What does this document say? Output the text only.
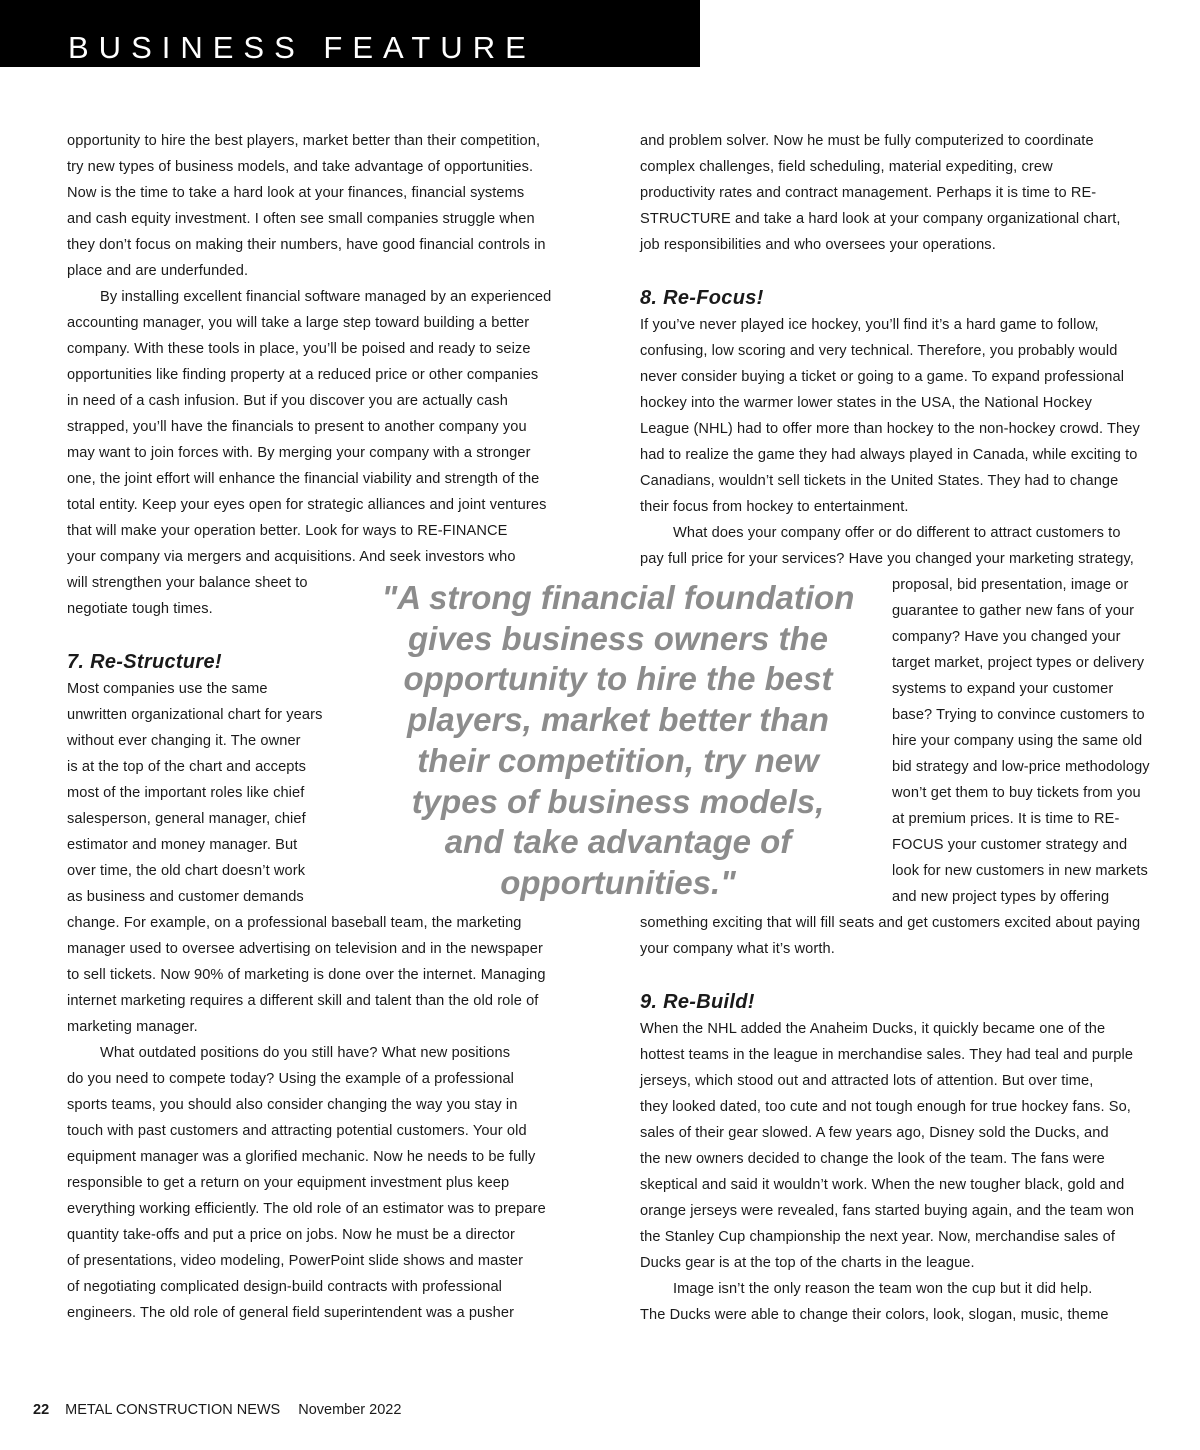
BUSINESS FEATURE
opportunity to hire the best players, market better than their competition,
try new types of business models, and take advantage of opportunities.
Now is the time to take a hard look at your finances, financial systems
and cash equity investment. I often see small companies struggle when
they don’t focus on making their numbers, have good financial controls in
place and are underfunded.
By installing excellent financial software managed by an experienced
accounting manager, you will take a large step toward building a better
company. With these tools in place, you’ll be poised and ready to seize
opportunities like finding property at a reduced price or other companies
in need of a cash infusion. But if you discover you are actually cash
strapped, you’ll have the financials to present to another company you
may want to join forces with. By merging your company with a stronger
one, the joint effort will enhance the financial viability and strength of the
total entity. Keep your eyes open for strategic alliances and joint ventures
that will make your operation better. Look for ways to RE-FINANCE
your company via mergers and acquisitions. And seek investors who
will strengthen your balance sheet to
negotiate tough times.
7. Re-Structure!
Most companies use the same
unwritten organizational chart for years
without ever changing it. The owner
is at the top of the chart and accepts
most of the important roles like chief
salesperson, general manager, chief
estimator and money manager. But
over time, the old chart doesn’t work
as business and customer demands
change. For example, on a professional baseball team, the marketing
manager used to oversee advertising on television and in the newspaper
to sell tickets. Now 90% of marketing is done over the internet. Managing
internet marketing requires a different skill and talent than the old role of
marketing manager.
What outdated positions do you still have? What new positions
do you need to compete today? Using the example of a professional
sports teams, you should also consider changing the way you stay in
touch with past customers and attracting potential customers. Your old
equipment manager was a glorified mechanic. Now he needs to be fully
responsible to get a return on your equipment investment plus keep
everything working efficiently. The old role of an estimator was to prepare
quantity take-offs and put a price on jobs. Now he must be a director
of presentations, video modeling, PowerPoint slide shows and master
of negotiating complicated design-build contracts with professional
engineers. The old role of general field superintendent was a pusher
and problem solver. Now he must be fully computerized to coordinate
complex challenges, field scheduling, material expediting, crew
productivity rates and contract management. Perhaps it is time to RE-
STRUCTURE and take a hard look at your company organizational chart,
job responsibilities and who oversees your operations.
8. Re-Focus!
If you’ve never played ice hockey, you’ll find it’s a hard game to follow,
confusing, low scoring and very technical. Therefore, you probably would
never consider buying a ticket or going to a game. To expand professional
hockey into the warmer lower states in the USA, the National Hockey
League (NHL) had to offer more than hockey to the non-hockey crowd. They
had to realize the game they had always played in Canada, while exciting to
Canadians, wouldn’t sell tickets in the United States. They had to change
their focus from hockey to entertainment.
What does your company offer or do different to attract customers to
pay full price for your services? Have you changed your marketing strategy,
proposal, bid presentation, image or
guarantee to gather new fans of your
company? Have you changed your
target market, project types or delivery
systems to expand your customer
base? Trying to convince customers to
hire your company using the same old
bid strategy and low-price methodology
won’t get them to buy tickets from you
at premium prices. It is time to RE-
FOCUS your customer strategy and
look for new customers in new markets
and new project types by offering
something exciting that will fill seats and get customers excited about paying
your company what it’s worth.
9. Re-Build!
When the NHL added the Anaheim Ducks, it quickly became one of the
hottest teams in the league in merchandise sales. They had teal and purple
jerseys, which stood out and attracted lots of attention. But over time,
they looked dated, too cute and not tough enough for true hockey fans. So,
sales of their gear slowed. A few years ago, Disney sold the Ducks, and
the new owners decided to change the look of the team. The fans were
skeptical and said it wouldn’t work. When the new tougher black, gold and
orange jerseys were revealed, fans started buying again, and the team won
the Stanley Cup championship the next year. Now, merchandise sales of
Ducks gear is at the top of the charts in the league.
Image isn’t the only reason the team won the cup but it did help.
The Ducks were able to change their colors, look, slogan, music, theme
"A strong financial foundation
gives business owners the
opportunity to hire the best
players, market better than
their competition, try new
types of business models,
and take advantage of
opportunities."
22 METAL CONSTRUCTION NEWS November 2022
